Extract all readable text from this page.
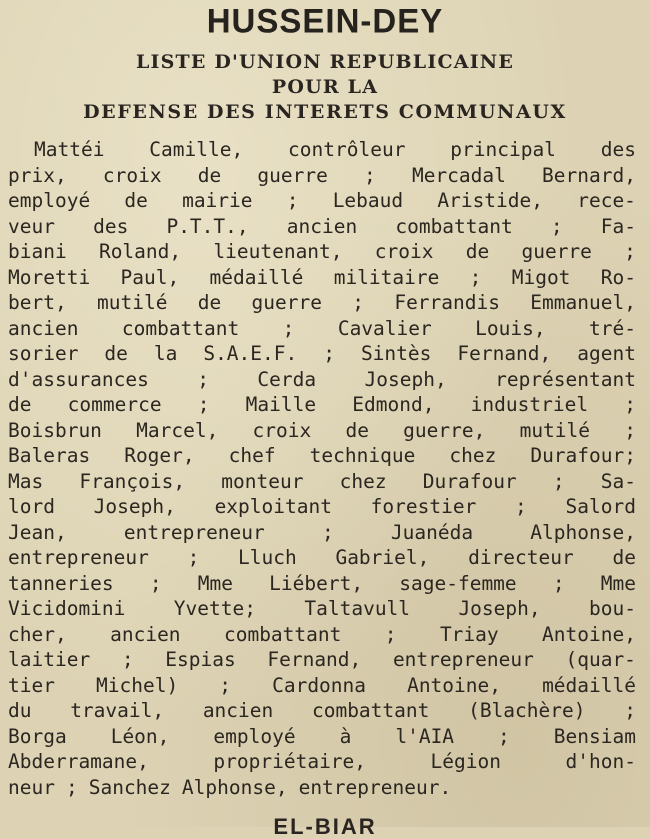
HUSSEIN-DEY
LISTE D'UNION REPUBLICAINE
POUR LA
DEFENSE DES INTERETS COMMUNAUX
Mattéi Camille, contrôleur principal des
prix, croix de guerre ; Mercadal Bernard,
employé de mairie ; Lebaud Aristide, rece-
veur des P.T.T., ancien combattant ; Fa-
biani Roland, lieutenant, croix de guerre ;
Moretti Paul, médaillé militaire ; Migot Ro-
bert, mutilé de guerre ; Ferrandis Emmanuel,
ancien combattant ; Cavalier Louis, tré-
sorier de la S.A.E.F. ; Sintès Fernand, agent
d'assurances ; Cerda Joseph, représentant
de commerce ; Maille Edmond, industriel ;
Boisbrun Marcel, croix de guerre, mutilé ;
Baleras Roger, chef technique chez Durafour;
Mas François, monteur chez Durafour ; Sa-
lord Joseph, exploitant forestier ; Salord
Jean,	entrepreneur	;	Juanéda	Alphonse,
entrepreneur ; Lluch Gabriel, directeur de
tanneries ; Mme Liébert, sage-femme ; Mme
Vicidomini Yvette; Taltavull Joseph, bou-
cher, ancien combattant ; Triay Antoine,
laitier ; Espias Fernand, entrepreneur (quar-
tier Michel) ; Cardonna Antoine, médaillé
du travail, ancien combattant (Blachère) ;
Borga Léon, employé à l'AIA ; Bensiam
Abderramane,	propriétaire,	Légion	d'hon-
neur ; Sanchez Alphonse, entrepreneur.
EL-BIAR
